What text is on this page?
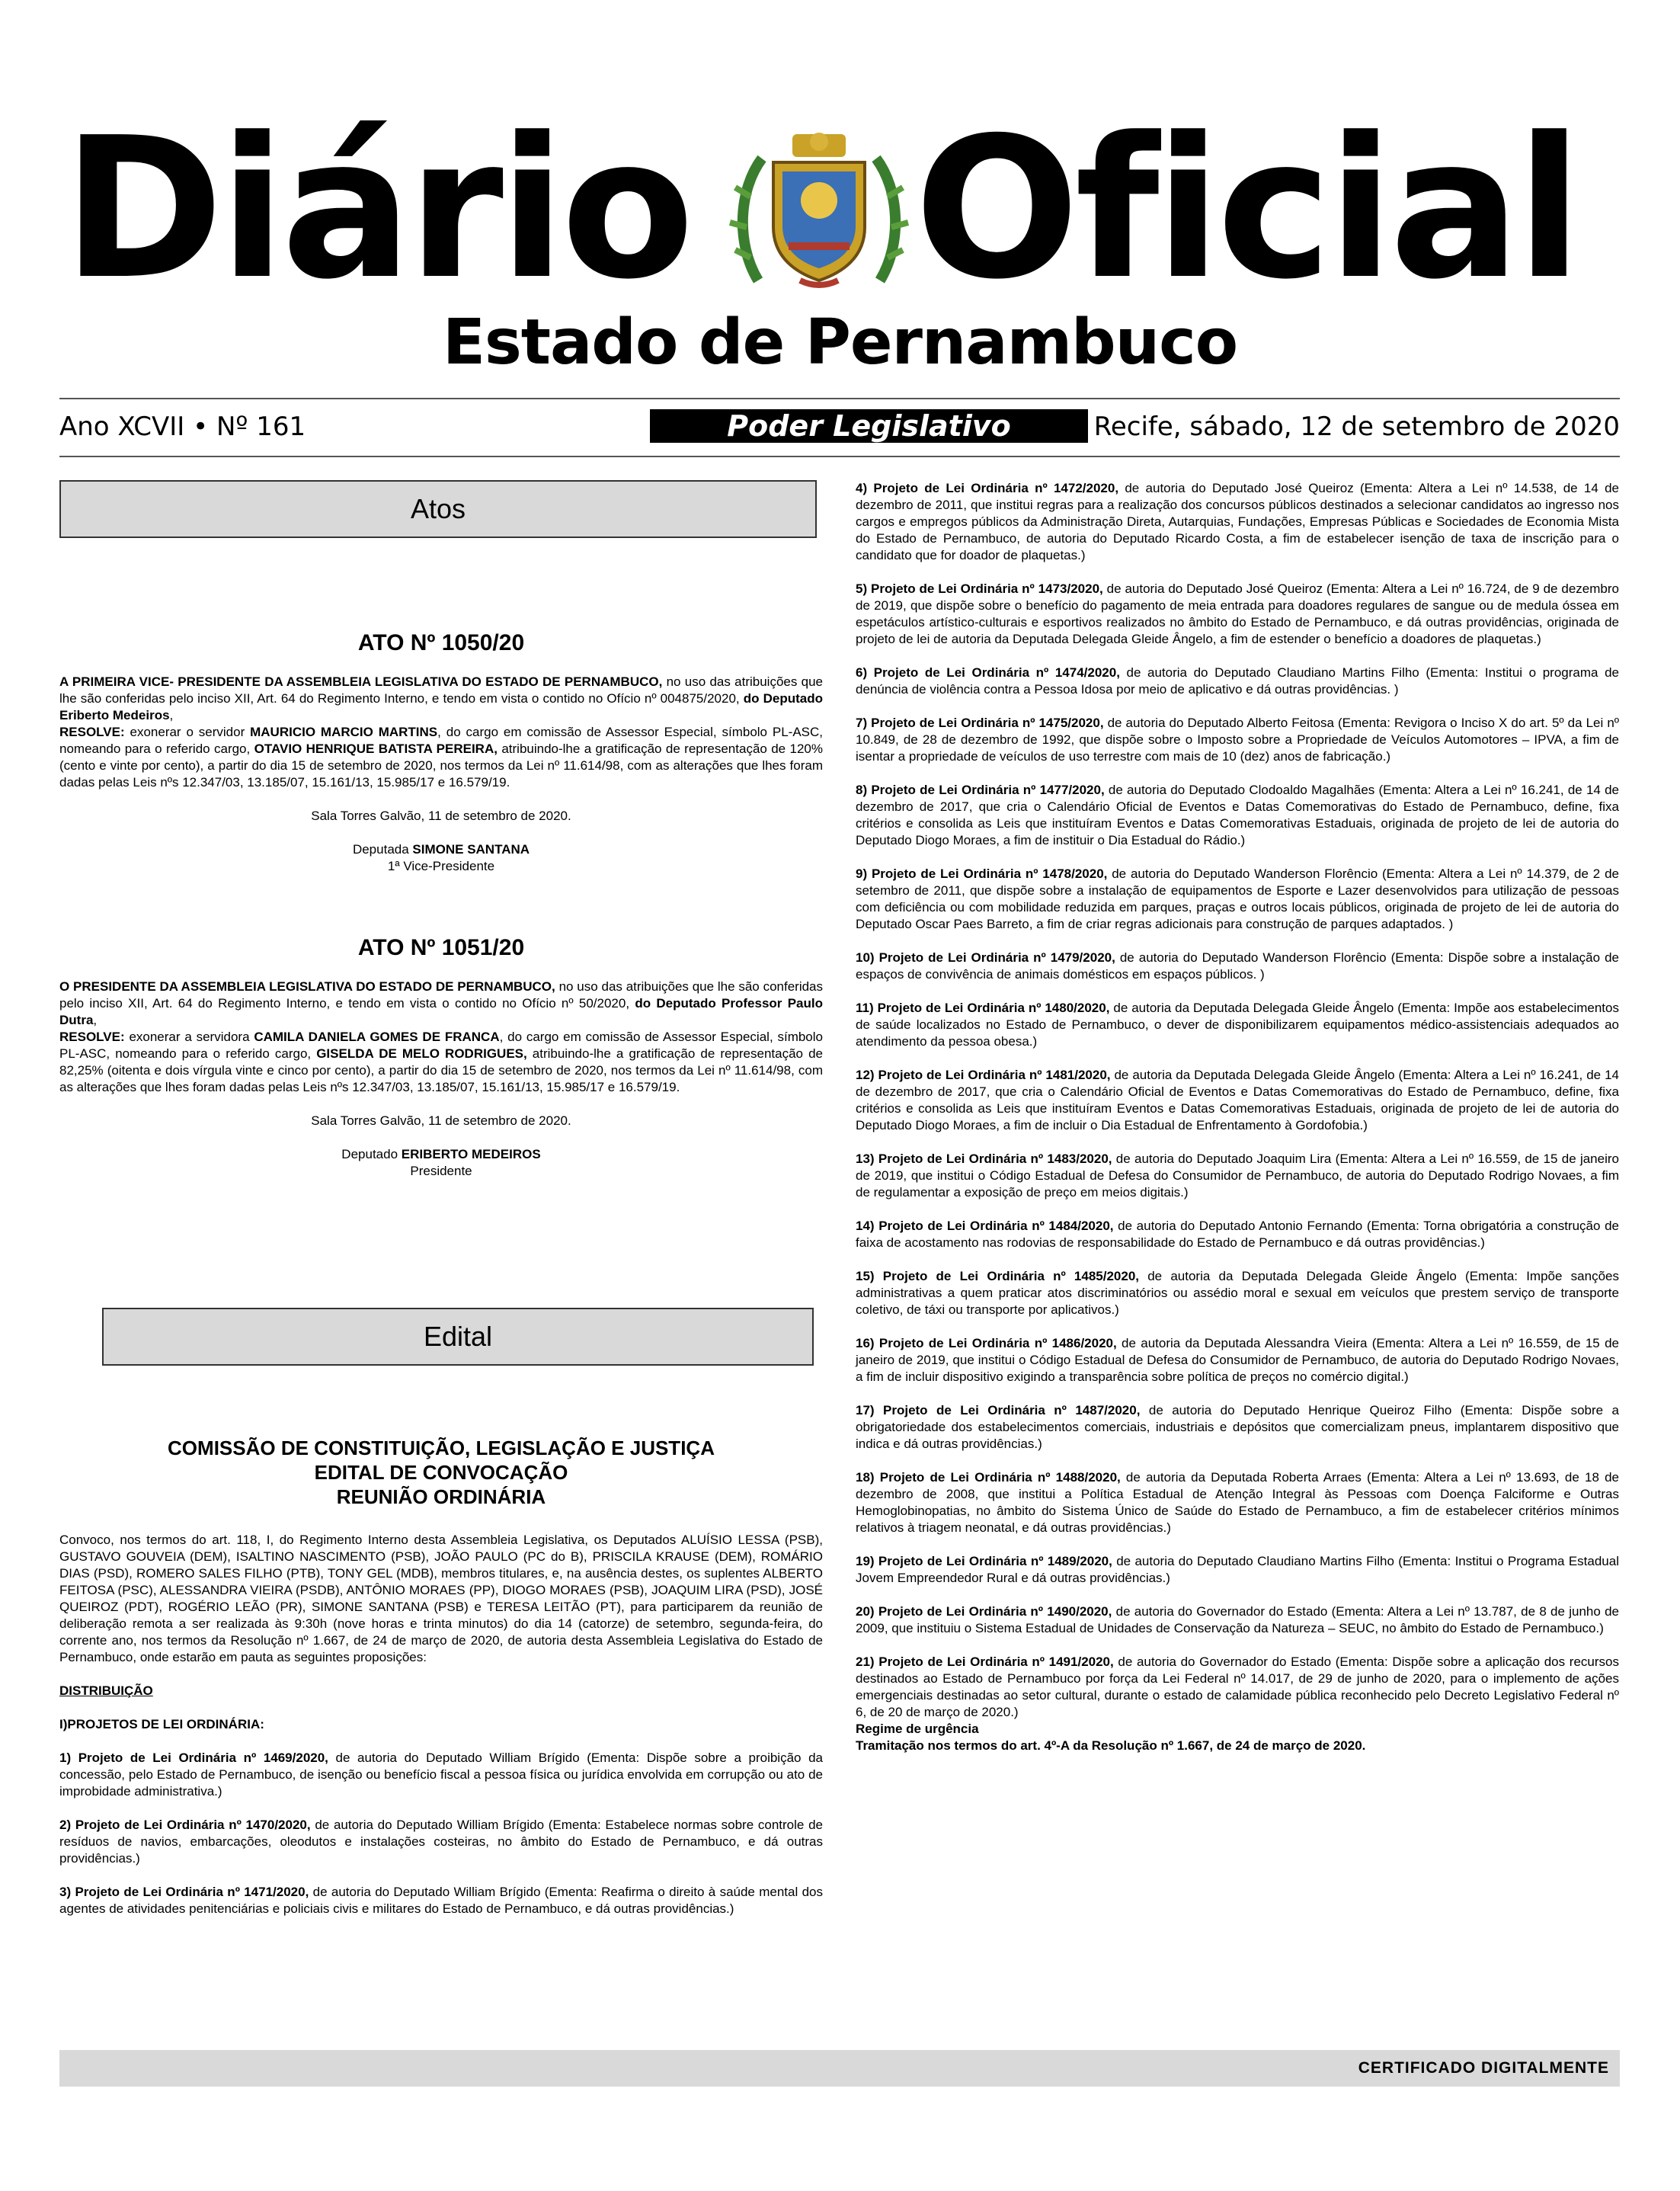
Diário Oficial
Estado de Pernambuco
Ano XCVII • Nº 161	Poder Legislativo	Recife, sábado, 12 de setembro de 2020
Atos
ATO Nº 1050/20

A PRIMEIRA VICE- PRESIDENTE DA ASSEMBLEIA LEGISLATIVA DO ESTADO DE PERNAMBUCO, no uso das atribuições que lhe são conferidas pelo inciso XII, Art. 64 do Regimento Interno, e tendo em vista o contido no Ofício nº 004875/2020, do Deputado Eriberto Medeiros,
RESOLVE: exonerar o servidor MAURICIO MARCIO MARTINS, do cargo em comissão de Assessor Especial, símbolo PL-ASC, nomeando para o referido cargo, OTAVIO HENRIQUE BATISTA PEREIRA, atribuindo-lhe a gratificação de representação de 120% (cento e vinte por cento), a partir do dia 15 de setembro de 2020, nos termos da Lei nº 11.614/98, com as alterações que lhes foram dadas pelas Leis nºs 12.347/03, 13.185/07, 15.161/13, 15.985/17 e 16.579/19.

Sala Torres Galvão, 11 de setembro de 2020.

Deputada SIMONE SANTANA

1ª Vice-Presidente

ATO Nº 1051/20

O PRESIDENTE DA ASSEMBLEIA LEGISLATIVA DO ESTADO DE PERNAMBUCO, no uso das atribuições que lhe são conferidas pelo inciso XII, Art. 64 do Regimento Interno, e tendo em vista o contido no Ofício nº 50/2020, do Deputado Professor Paulo Dutra,
RESOLVE: exonerar a servidora CAMILA DANIELA GOMES DE FRANCA, do cargo em comissão de Assessor Especial, símbolo PL-ASC, nomeando para o referido cargo, GISELDA DE MELO RODRIGUES, atribuindo-lhe a gratificação de representação de 82,25% (oitenta e dois vírgula vinte e cinco por cento), a partir do dia 15 de setembro de 2020, nos termos da Lei nº 11.614/98, com as alterações que lhes foram dadas pelas Leis nºs 12.347/03, 13.185/07, 15.161/13, 15.985/17 e 16.579/19.

Sala Torres Galvão, 11 de setembro de 2020.

Deputado ERIBERTO MEDEIROS

Presidente

Edital
COMISSÃO DE CONSTITUIÇÃO, LEGISLAÇÃO E JUSTIÇA
EDITAL DE CONVOCAÇÃO
REUNIÃO ORDINÁRIA

Convoco, nos termos do art. 118, I, do Regimento Interno desta Assembleia Legislativa, os Deputados ALUÍSIO LESSA (PSB), GUSTAVO GOUVEIA (DEM), ISALTINO NASCIMENTO (PSB), JOÃO PAULO (PC do B), PRISCILA KRAUSE (DEM), ROMÁRIO DIAS (PSD), ROMERO SALES FILHO (PTB), TONY GEL (MDB), membros titulares, e, na ausência destes, os suplentes ALBERTO FEITOSA (PSC), ALESSANDRA VIEIRA (PSDB), ANTÔNIO MORAES (PP), DIOGO MORAES (PSB), JOAQUIM LIRA (PSD), JOSÉ QUEIROZ (PDT), ROGÉRIO LEÃO (PR), SIMONE SANTANA (PSB) e TERESA LEITÃO (PT), para participarem da reunião de deliberação remota a ser realizada às 9:30h (nove horas e trinta minutos) do dia 14 (catorze) de setembro, segunda-feira, do corrente ano, nos termos da Resolução nº 1.667, de 24 de março de 2020, de autoria desta Assembleia Legislativa do Estado de Pernambuco, onde estarão em pauta as seguintes proposições:

DISTRIBUIÇÃO

I)PROJETOS DE LEI ORDINÁRIA:

1) Projeto de Lei Ordinária nº 1469/2020, de autoria do Deputado William Brígido (Ementa: Dispõe sobre a proibição da concessão, pelo Estado de Pernambuco, de isenção ou benefício fiscal a pessoa física ou jurídica envolvida em corrupção ou ato de improbidade administrativa.)

2) Projeto de Lei Ordinária nº 1470/2020, de autoria do Deputado William Brígido (Ementa: Estabelece normas sobre controle de resíduos de navios, embarcações, oleodutos e instalações costeiras, no âmbito do Estado de Pernambuco, e dá outras providências.)

3) Projeto de Lei Ordinária nº 1471/2020, de autoria do Deputado William Brígido (Ementa: Reafirma o direito à saúde mental dos agentes de atividades penitenciárias e policiais civis e militares do Estado de Pernambuco, e dá outras providências.)

4) Projeto de Lei Ordinária nº 1472/2020, de autoria do Deputado José Queiroz (Ementa: Altera a Lei nº 14.538, de 14 de dezembro de 2011, que institui regras para a realização dos concursos públicos destinados a selecionar candidatos ao ingresso nos cargos e empregos públicos da Administração Direta, Autarquias, Fundações, Empresas Públicas e Sociedades de Economia Mista do Estado de Pernambuco, de autoria do Deputado Ricardo Costa, a fim de estabelecer isenção de taxa de inscrição para o candidato que for doador de plaquetas.)

5) Projeto de Lei Ordinária nº 1473/2020, de autoria do Deputado José Queiroz (Ementa: Altera a Lei nº 16.724, de 9 de dezembro de 2019, que dispõe sobre o benefício do pagamento de meia entrada para doadores regulares de sangue ou de medula óssea em espetáculos artístico-culturais e esportivos realizados no âmbito do Estado de Pernambuco, e dá outras providências, originada de projeto de lei de autoria da Deputada Delegada Gleide Ângelo, a fim de estender o benefício a doadores de plaquetas.)

6) Projeto de Lei Ordinária nº 1474/2020, de autoria do Deputado Claudiano Martins Filho (Ementa: Institui o programa de denúncia de violência contra a Pessoa Idosa por meio de aplicativo e dá outras providências. )

7) Projeto de Lei Ordinária nº 1475/2020, de autoria do Deputado Alberto Feitosa (Ementa: Revigora o Inciso X do art. 5º da Lei nº 10.849, de 28 de dezembro de 1992, que dispõe sobre o Imposto sobre a Propriedade de Veículos Automotores – IPVA, a fim de isentar a propriedade de veículos de uso terrestre com mais de 10 (dez) anos de fabricação.)

8) Projeto de Lei Ordinária nº 1477/2020, de autoria do Deputado Clodoaldo Magalhães (Ementa: Altera a Lei nº 16.241, de 14 de dezembro de 2017, que cria o Calendário Oficial de Eventos e Datas Comemorativas do Estado de Pernambuco, define, fixa critérios e consolida as Leis que instituíram Eventos e Datas Comemorativas Estaduais, originada de projeto de lei de autoria do Deputado Diogo Moraes, a fim de instituir o Dia Estadual do Rádio.)

9) Projeto de Lei Ordinária nº 1478/2020, de autoria do Deputado Wanderson Florêncio (Ementa: Altera a Lei nº 14.379, de 2 de setembro de 2011, que dispõe sobre a instalação de equipamentos de Esporte e Lazer desenvolvidos para utilização de pessoas com deficiência ou com mobilidade reduzida em parques, praças e outros locais públicos, originada de projeto de lei de autoria do Deputado Oscar Paes Barreto, a fim de criar regras adicionais para construção de parques adaptados. )

10) Projeto de Lei Ordinária nº 1479/2020, de autoria do Deputado Wanderson Florêncio (Ementa: Dispõe sobre a instalação de espaços de convivência de animais domésticos em espaços públicos. )

11) Projeto de Lei Ordinária nº 1480/2020, de autoria da Deputada Delegada Gleide Ângelo (Ementa: Impõe aos estabelecimentos de saúde localizados no Estado de Pernambuco, o dever de disponibilizarem equipamentos médico-assistenciais adequados ao atendimento da pessoa obesa.)

12) Projeto de Lei Ordinária nº 1481/2020, de autoria da Deputada Delegada Gleide Ângelo (Ementa: Altera a Lei nº 16.241, de 14 de dezembro de 2017, que cria o Calendário Oficial de Eventos e Datas Comemorativas do Estado de Pernambuco, define, fixa critérios e consolida as Leis que instituíram Eventos e Datas Comemorativas Estaduais, originada de projeto de lei de autoria do Deputado Diogo Moraes, a fim de incluir o Dia Estadual de Enfrentamento à Gordofobia.)

13) Projeto de Lei Ordinária nº 1483/2020, de autoria do Deputado Joaquim Lira (Ementa: Altera a Lei nº 16.559, de 15 de janeiro de 2019, que institui o Código Estadual de Defesa do Consumidor de Pernambuco, de autoria do Deputado Rodrigo Novaes, a fim de regulamentar a exposição de preço em meios digitais.)

14) Projeto de Lei Ordinária nº 1484/2020, de autoria do Deputado Antonio Fernando (Ementa: Torna obrigatória a construção de faixa de acostamento nas rodovias de responsabilidade do Estado de Pernambuco e dá outras providências.)

15) Projeto de Lei Ordinária nº 1485/2020, de autoria da Deputada Delegada Gleide Ângelo (Ementa: Impõe sanções administrativas a quem praticar atos discriminatórios ou assédio moral e sexual em veículos que prestem serviço de transporte coletivo, de táxi ou transporte por aplicativos.)

16) Projeto de Lei Ordinária nº 1486/2020, de autoria da Deputada Alessandra Vieira (Ementa: Altera a Lei nº 16.559, de 15 de janeiro de 2019, que institui o Código Estadual de Defesa do Consumidor de Pernambuco, de autoria do Deputado Rodrigo Novaes, a fim de incluir dispositivo exigindo a transparência sobre política de preços no comércio digital.)

17) Projeto de Lei Ordinária nº 1487/2020, de autoria do Deputado Henrique Queiroz Filho (Ementa: Dispõe sobre a obrigatoriedade dos estabelecimentos comerciais, industriais e depósitos que comercializam pneus, implantarem dispositivo que indica e dá outras providências.)

18) Projeto de Lei Ordinária nº 1488/2020, de autoria da Deputada Roberta Arraes (Ementa: Altera a Lei nº 13.693, de 18 de dezembro de 2008, que institui a Política Estadual de Atenção Integral às Pessoas com Doença Falciforme e Outras Hemoglobinopatias, no âmbito do Sistema Único de Saúde do Estado de Pernambuco, a fim de estabelecer critérios mínimos relativos à triagem neonatal, e dá outras providências.)

19) Projeto de Lei Ordinária nº 1489/2020, de autoria do Deputado Claudiano Martins Filho (Ementa: Institui o Programa Estadual Jovem Empreendedor Rural e dá outras providências.)

20) Projeto de Lei Ordinária nº 1490/2020, de autoria do Governador do Estado (Ementa: Altera a Lei nº 13.787, de 8 de junho de 2009, que instituiu o Sistema Estadual de Unidades de Conservação da Natureza – SEUC, no âmbito do Estado de Pernambuco.)

21) Projeto de Lei Ordinária nº 1491/2020, de autoria do Governador do Estado (Ementa: Dispõe sobre a aplicação dos recursos destinados ao Estado de Pernambuco por força da Lei Federal nº 14.017, de 29 de junho de 2020, para o implemento de ações emergenciais destinadas ao setor cultural, durante o estado de calamidade pública reconhecido pelo Decreto Legislativo Federal nº 6, de 20 de março de 2020.)

Regime de urgência

Tramitação nos termos do art. 4º-A da Resolução nº 1.667, de 24 de março de 2020.

CERTIFICADO DIGITALMENTE
